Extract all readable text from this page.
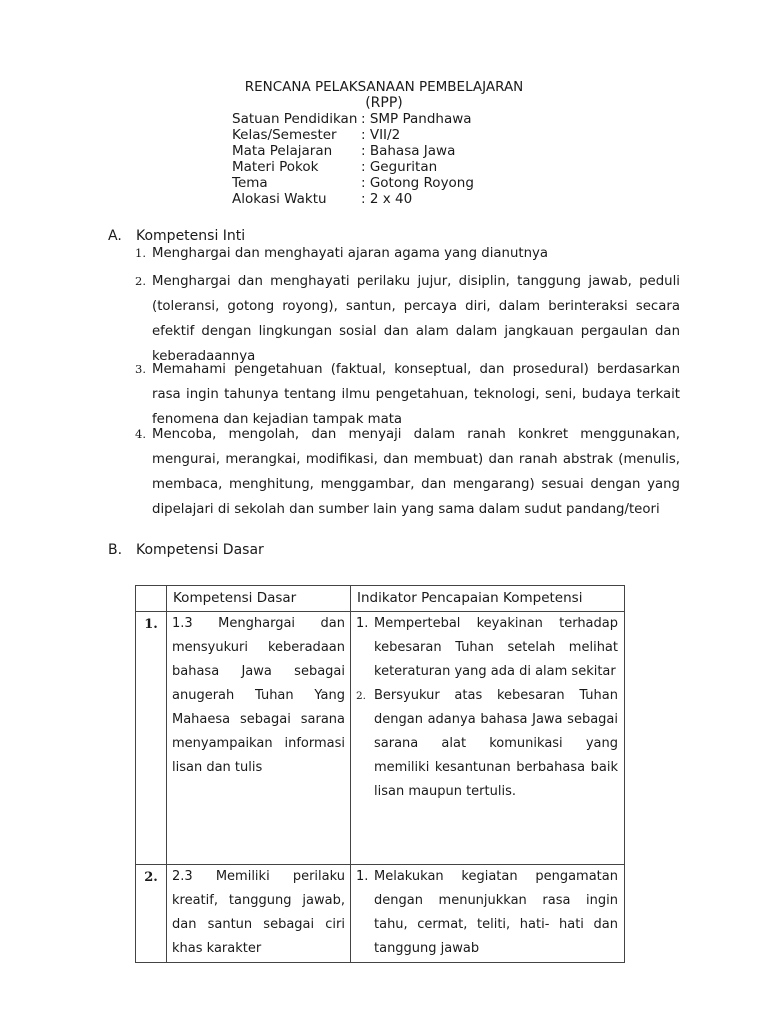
RENCANA PELAKSANAAN PEMBELAJARAN
(RPP)
Satuan Pendidikan : SMP Pandhawa
Kelas/Semester : VII/2
Mata Pelajaran : Bahasa Jawa
Materi Pokok	: Geguritan
Tema	: Gotong Royong
Alokasi Waktu	: 2 x 40
A. Kompetensi Inti
1. Menghargai dan menghayati ajaran agama yang dianutnya
2. Menghargai dan menghayati perilaku jujur, disiplin, tanggung jawab, peduli (toleransi, gotong royong), santun, percaya diri, dalam berinteraksi secara efektif dengan lingkungan sosial dan alam dalam jangkauan pergaulan dan keberadaannya
3. Memahami pengetahuan (faktual, konseptual, dan prosedural) berdasarkan rasa ingin tahunya tentang ilmu pengetahuan, teknologi, seni, budaya terkait fenomena dan kejadian tampak mata
4. Mencoba, mengolah, dan menyaji dalam ranah konkret menggunakan, mengurai, merangkai, modifikasi, dan membuat) dan ranah abstrak (menulis, membaca, menghitung, menggambar, dan mengarang) sesuai dengan yang dipelajari di sekolah dan sumber lain yang sama dalam sudut pandang/teori
B. Kompetensi Dasar
	Kompetensi Dasar	Indikator Pencapaian Kompetensi
1.	1.3 Menghargai dan mensyukuri keberadaan bahasa Jawa sebagai anugerah Tuhan Yang Mahaesa sebagai sarana menyampaikan informasi lisan dan tulis	1. Mempertebal keyakinan terhadap kebesaran Tuhan setelah melihat keteraturan yang ada di alam sekitar
2. Bersyukur atas kebesaran Tuhan dengan adanya bahasa Jawa sebagai sarana alat komunikasi yang memiliki kesantunan berbahasa baik lisan maupun tertulis.

2.	2.3 Memiliki perilaku kreatif, tanggung jawab, dan santun sebagai ciri khas karakter	1. Melakukan kegiatan pengamatan dengan menunjukkan rasa ingin tahu, cermat, teliti, hati- hati dan tanggung jawab
